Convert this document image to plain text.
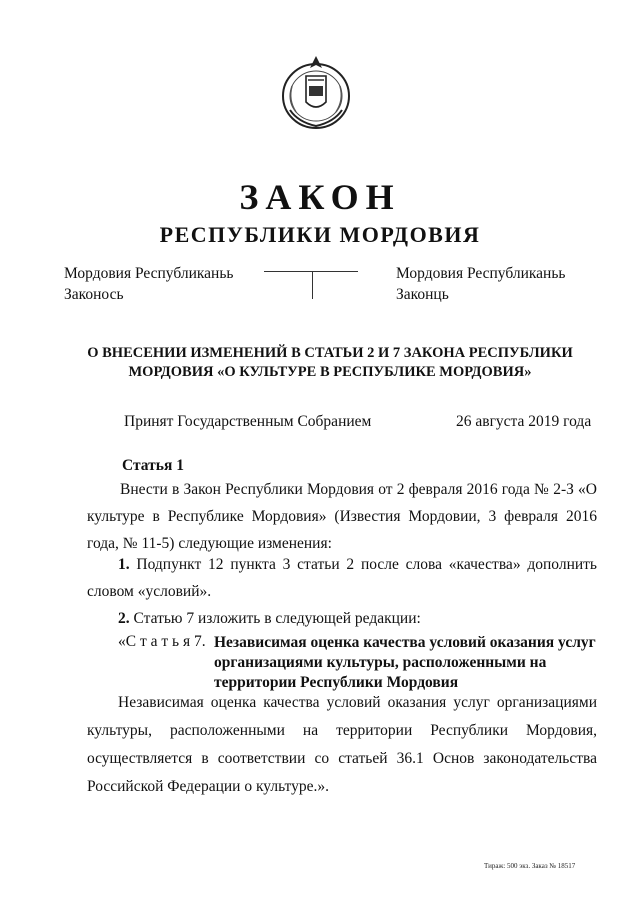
ЗАКОН
РЕСПУБЛИКИ МОРДОВИЯ
Мордовия Республиканьь
Законось
Мордовия Республиканьь
Законць
О ВНЕСЕНИИ ИЗМЕНЕНИЙ В СТАТЬИ 2 И 7 ЗАКОНА РЕСПУБЛИКИ
МОРДОВИЯ «О КУЛЬТУРЕ В РЕСПУБЛИКЕ МОРДОВИЯ»
Принят Государственным Собранием	26 августа 2019 года
Статья 1
Внести в Закон Республики Мордовия от 2 февраля 2016 года № 2-З «О культуре в Республике Мордовия» (Известия Мордовии, 3 февраля 2016 года, № 11-5) следующие изменения:
1. Подпункт 12 пункта 3 статьи 2 после слова «качества» дополнить словом «условий».
2. Статью 7 изложить в следующей редакции:
«С т а т ь я 7. Независимая оценка качества условий оказания услуг организациями культуры, расположенными на территории Республики Мордовия
Независимая оценка качества условий оказания услуг организациями культуры, расположенными на территории Республики Мордовия, осуществляется в соответствии со статьей 36.1 Основ законодательства Российской Федерации о культуре.».
Тираж: 500 экз. Заказ № 18517
